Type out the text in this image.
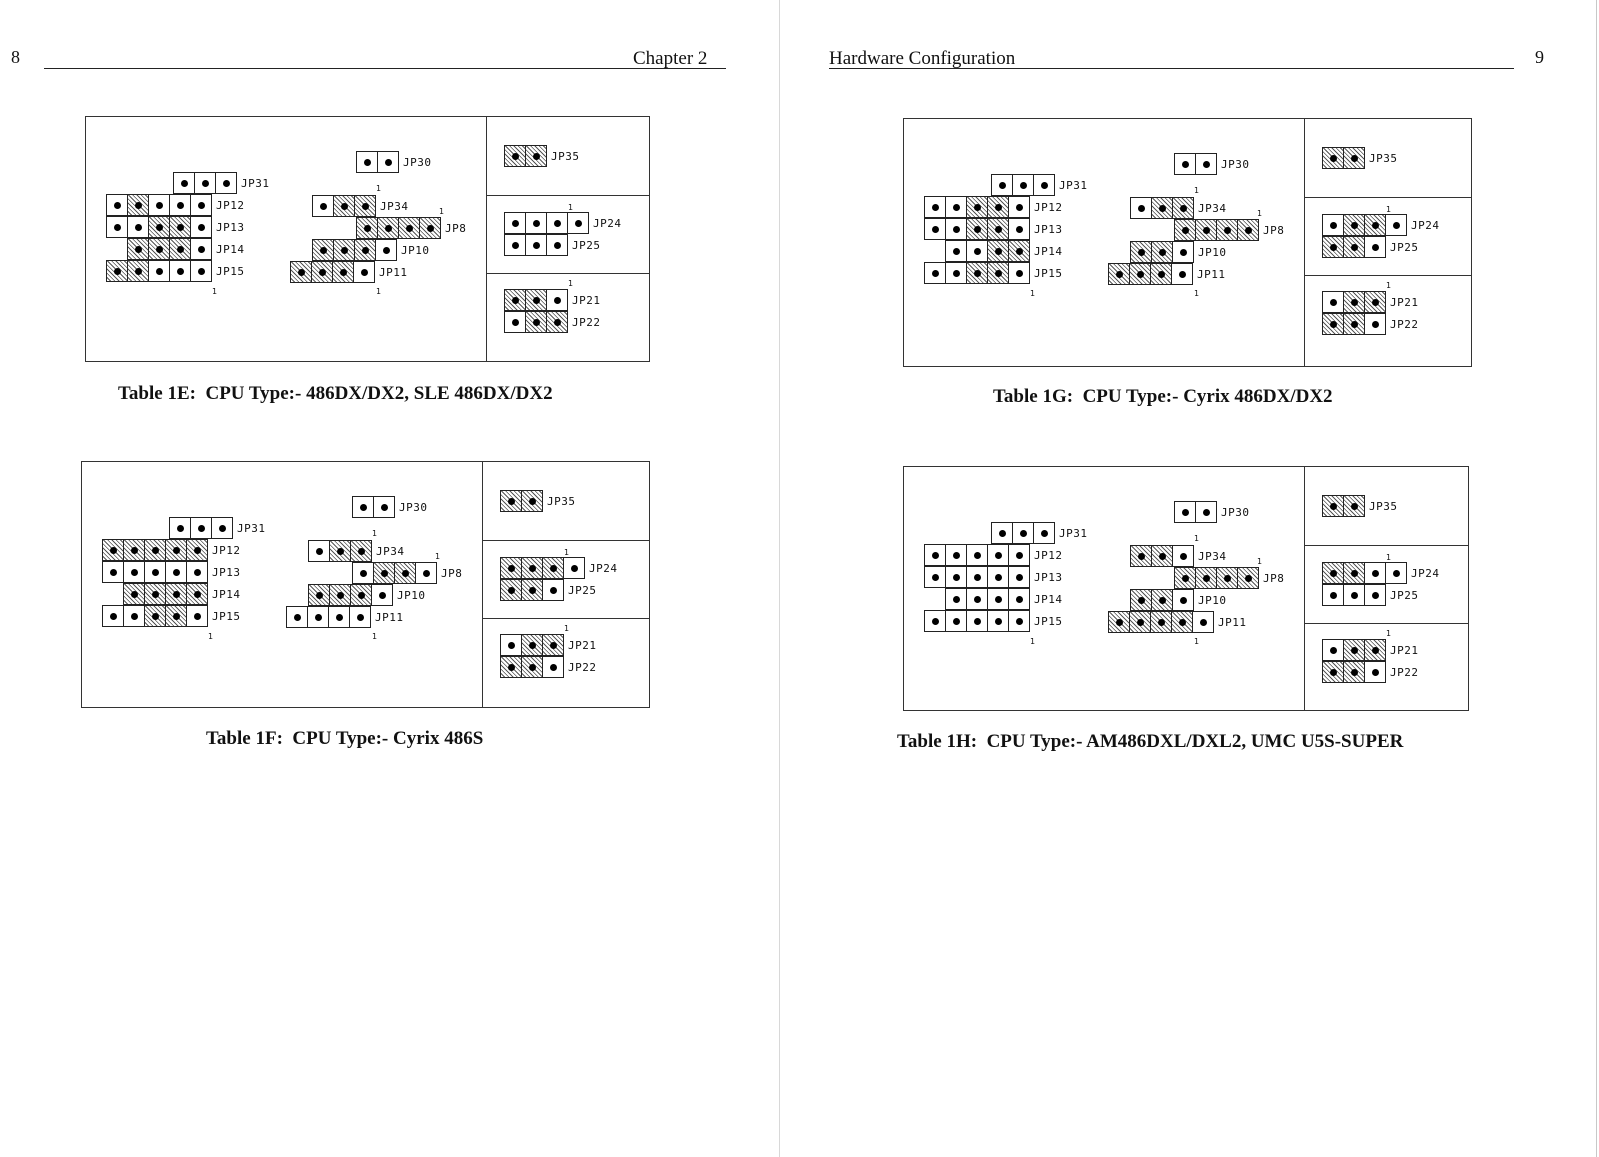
8	Chapter 2	Hardware Configuration	9
JP31
JP12
JP13
JP14
JP15
JP30
JP34
JP8
JP10
JP11
JP35
JP24
JP25
JP21
JP22
1	1
1
1	1
1
JP31
JP12
JP13
JP14
JP15
JP30
JP34
JP8
JP10
JP11
JP35
JP24
JP25
JP21
JP22
1	1
1
1	1
1
JP31
JP12
JP13
JP14
JP15
JP30
JP34
JP8
JP10
JP11
JP35
JP24
JP25
JP21
JP22
1	1
1
1	1
1
JP31
JP12
JP13
JP14
JP15
JP30
JP34
JP8
JP10
JP11
JP35
JP24
JP25
JP21
JP22
1	1
1
1	1
1
Table 1E: CPU Type:- 486DX/DX2, SLE 486DX/DX2
Table 1F: CPU Type:- Cyrix 486S
Table 1G: CPU Type:- Cyrix 486DX/DX2
Table 1H: CPU Type:- AM486DXL/DXL2, UMC U5S-SUPER
